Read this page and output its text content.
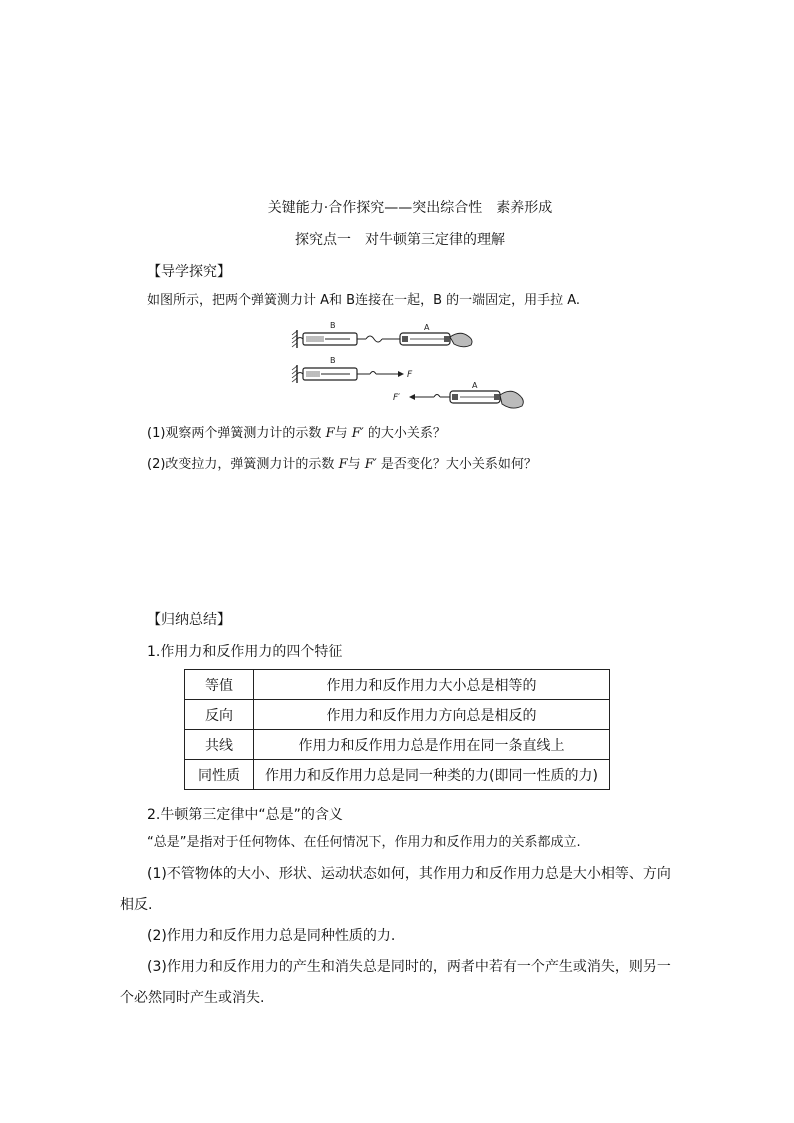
关键能力·合作探究——突出综合性　素养形成
探究点一　对牛顿第三定律的理解
【导学探究】
如图所示，把两个弹簧测力计 A和 B连接在一起，B 的一端固定，用手拉 A.
B	A
F
B
F′
A
(1)观察两个弹簧测力计的示数 F与 F′ 的大小关系？
(2)改变拉力，弹簧测力计的示数 F与 F′ 是否变化？大小关系如何？
【归纳总结】
1.作用力和反作用力的四个特征
等值	作用力和反作用力大小总是相等的
反向	作用力和反作用力方向总是相反的
共线	作用力和反作用力总是作用在同一条直线上
同性质	作用力和反作用力总是同一种类的力(即同一性质的力)
2.牛顿第三定律中“总是”的含义
“总是”是指对于任何物体、在任何情况下，作用力和反作用力的关系都成立.
(1)不管物体的大小、形状、运动状态如何，其作用力和反作用力总是大小相等、方向相反.
(2)作用力和反作用力总是同种性质的力.
(3)作用力和反作用力的产生和消失总是同时的，两者中若有一个产生或消失，则另一个必然同时产生或消失.
